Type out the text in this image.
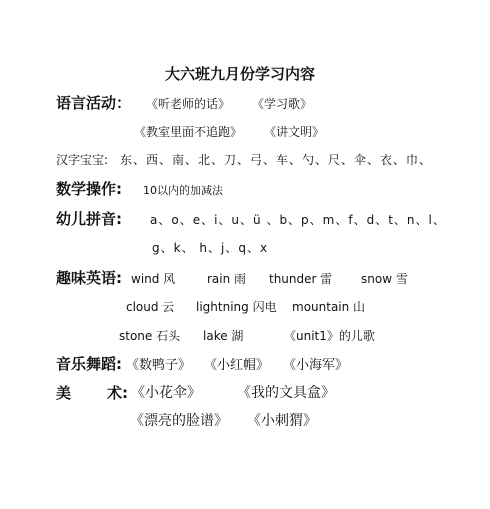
大六班九月份学习内容
语言活动： 《听老师的话》 《学习歌》
《教室里面不追跑》 《讲文明》
汉字宝宝: 东、西、南、北、刀、弓、车、勺、尺、伞、衣、巾、
数学操作: 10以内的加减法
幼儿拼音: a、o、e、i、u、ü 、b、p、m、f、d、t、n、l、
g、k、 h、j、q、x
趣味英语: wind 风	rain 雨 thunder 雷 snow 雪
cloud 云 lightning 闪电 mountain 山
stone 石头 lake 湖	《unit1》的儿歌
音乐舞蹈: 《数鸭子》 《小红帽》 《小海军》
美 术: 《小花伞》	《我的文具盒》
《漂亮的脸谱》 《小刺猬》
